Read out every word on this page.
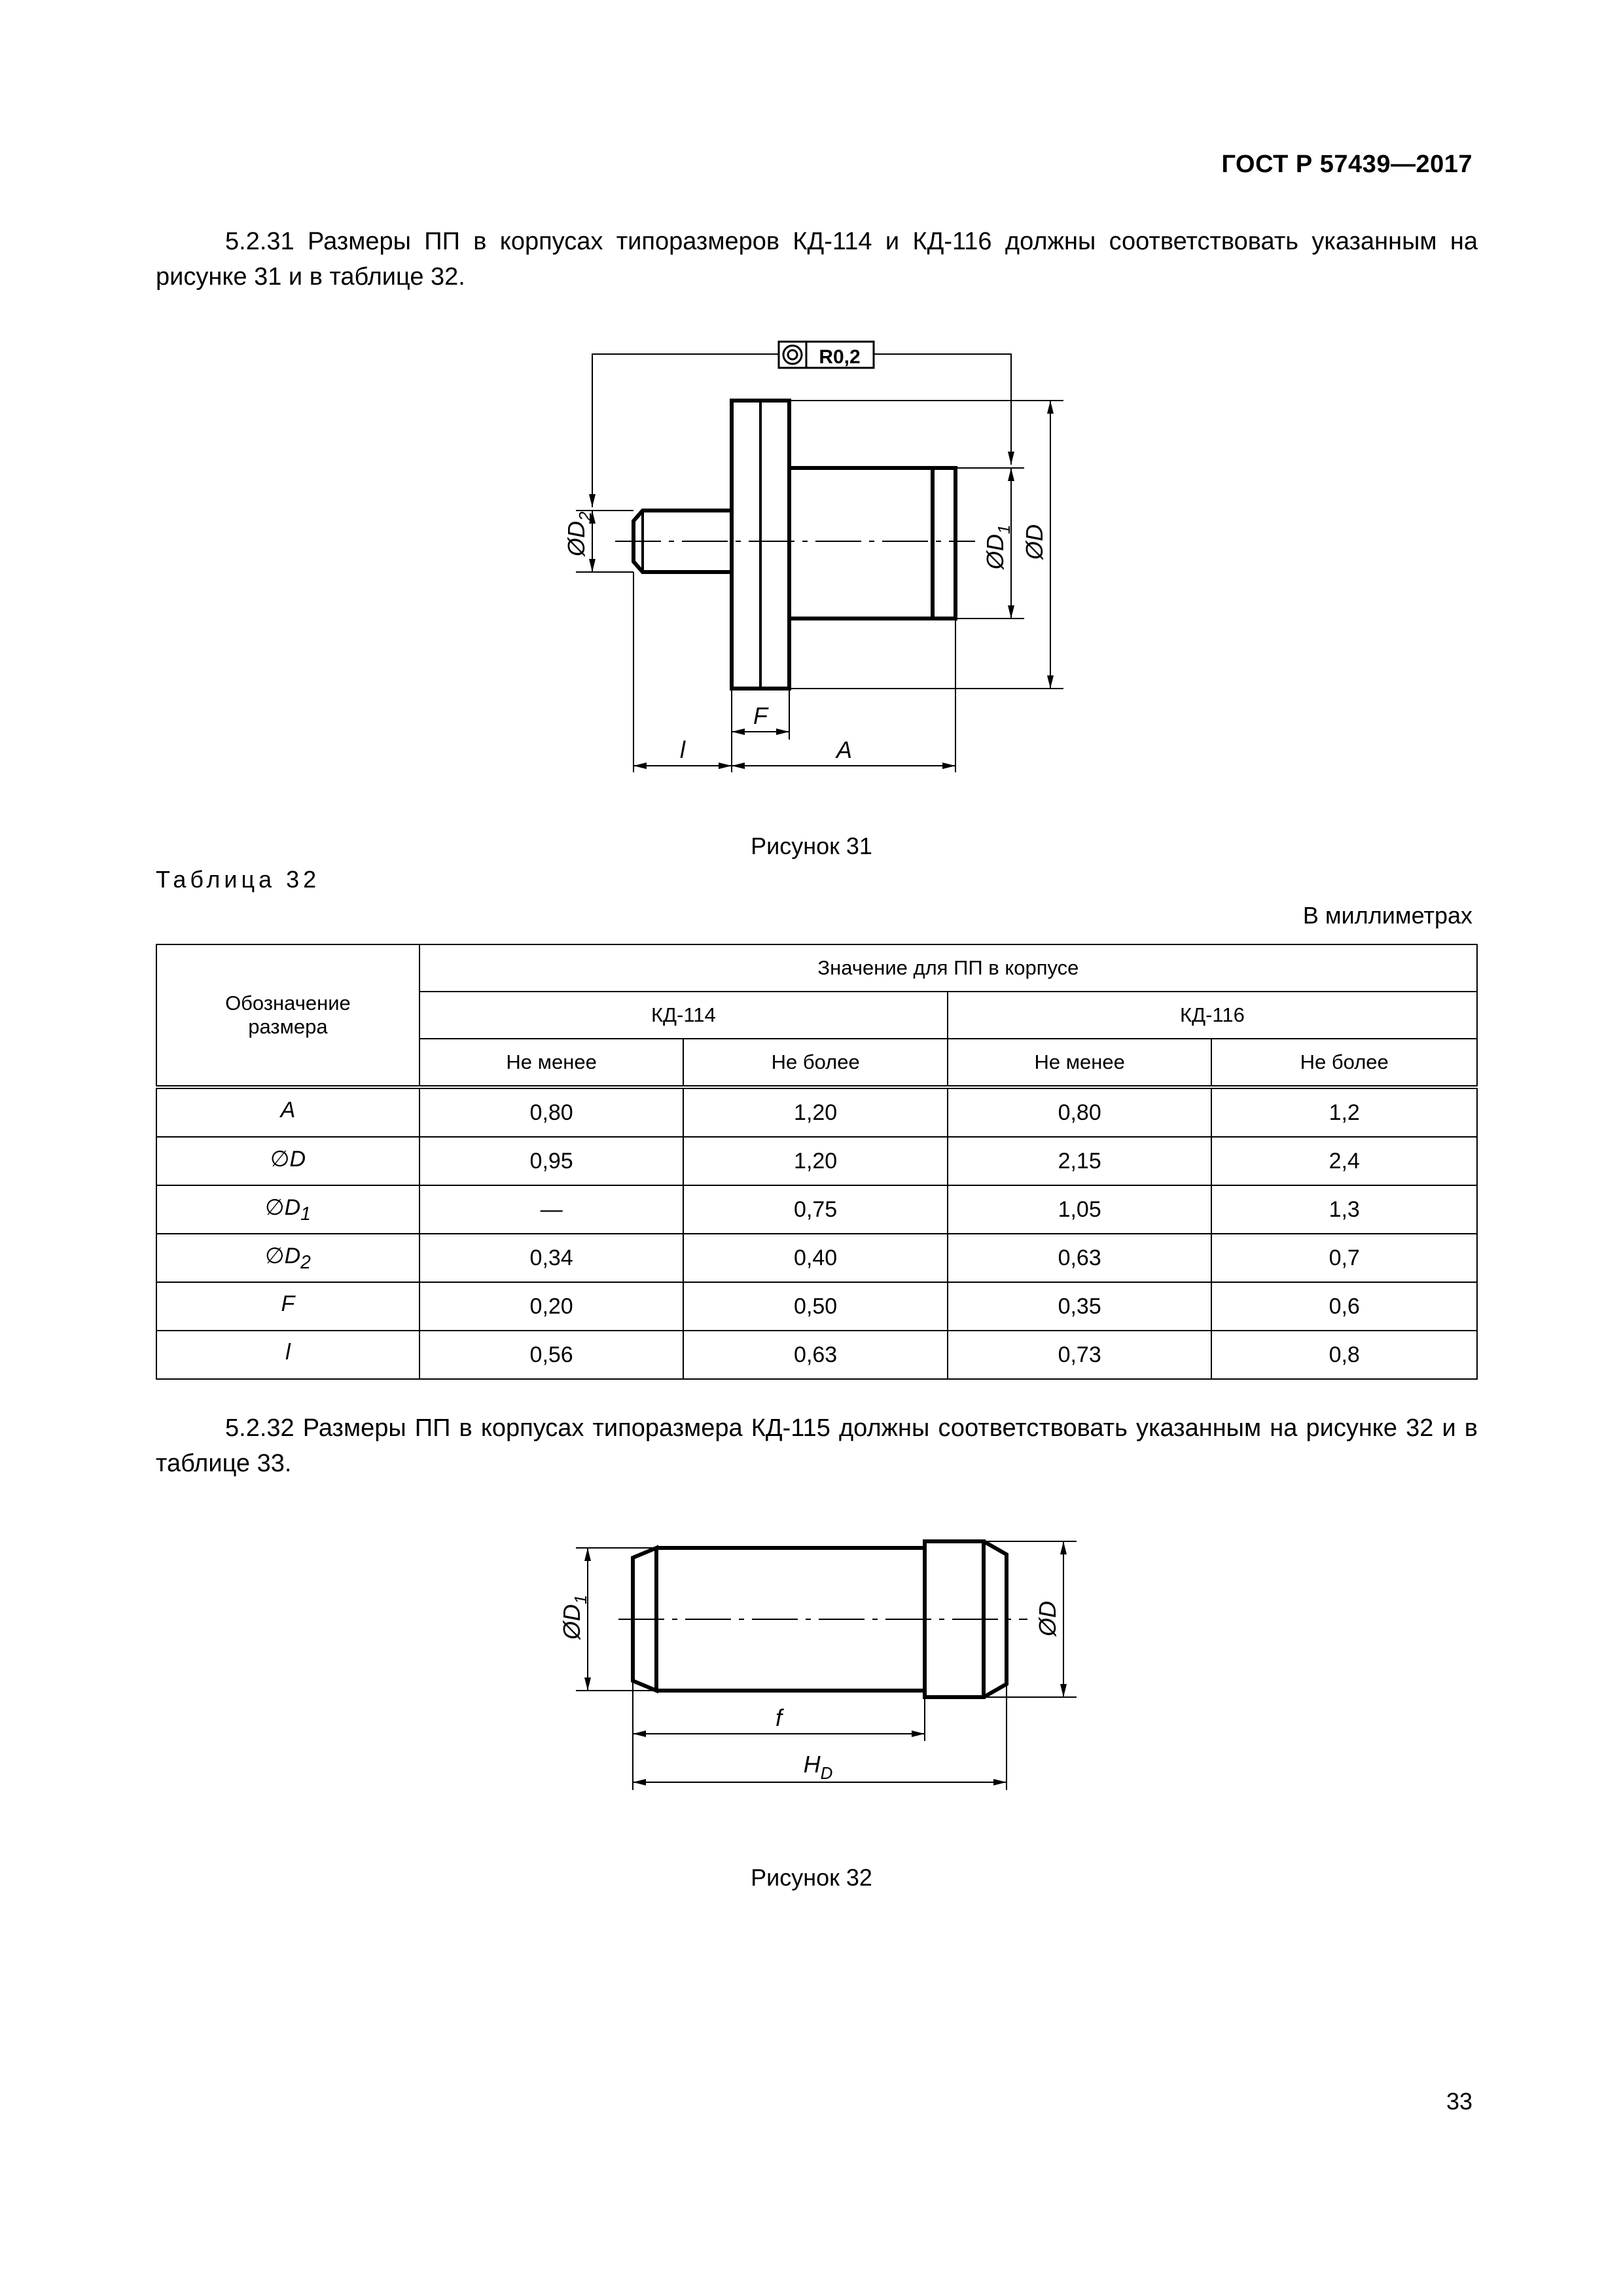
ГОСТ Р 57439—2017
5.2.31 Размеры ПП в корпусах типоразмеров КД-114 и КД-116 должны соответствовать указанным на рисунке 31 и в таблице 32.
R0,2
$ØD_2$
$ØD_1$ ØD
F
l	A
Рисунок 31
Таблица 32
В миллиметрах
Обозначение размера	Значение для ПП в корпусе			
	КД-114		КД-116	
	Не менее	Не более	Не менее	Не более
A	0,80	1,20	0,80	1,2
∅D	0,95	1,20	2,15	2,4
$\emptyset D_1$	—	0,75	1,05	1,3
$\emptyset D_2$	0,34	0,40	0,63	0,7
F	0,20	0,50	0,35	0,6
l	0,56	0,63	0,73	0,8
5.2.32 Размеры ПП в корпусах типоразмера КД-115 должны соответствовать указанным на рисунке 32 и в таблице 33.
$ØD_1$
ØD
f
$H_D$
Рисунок 32
33
